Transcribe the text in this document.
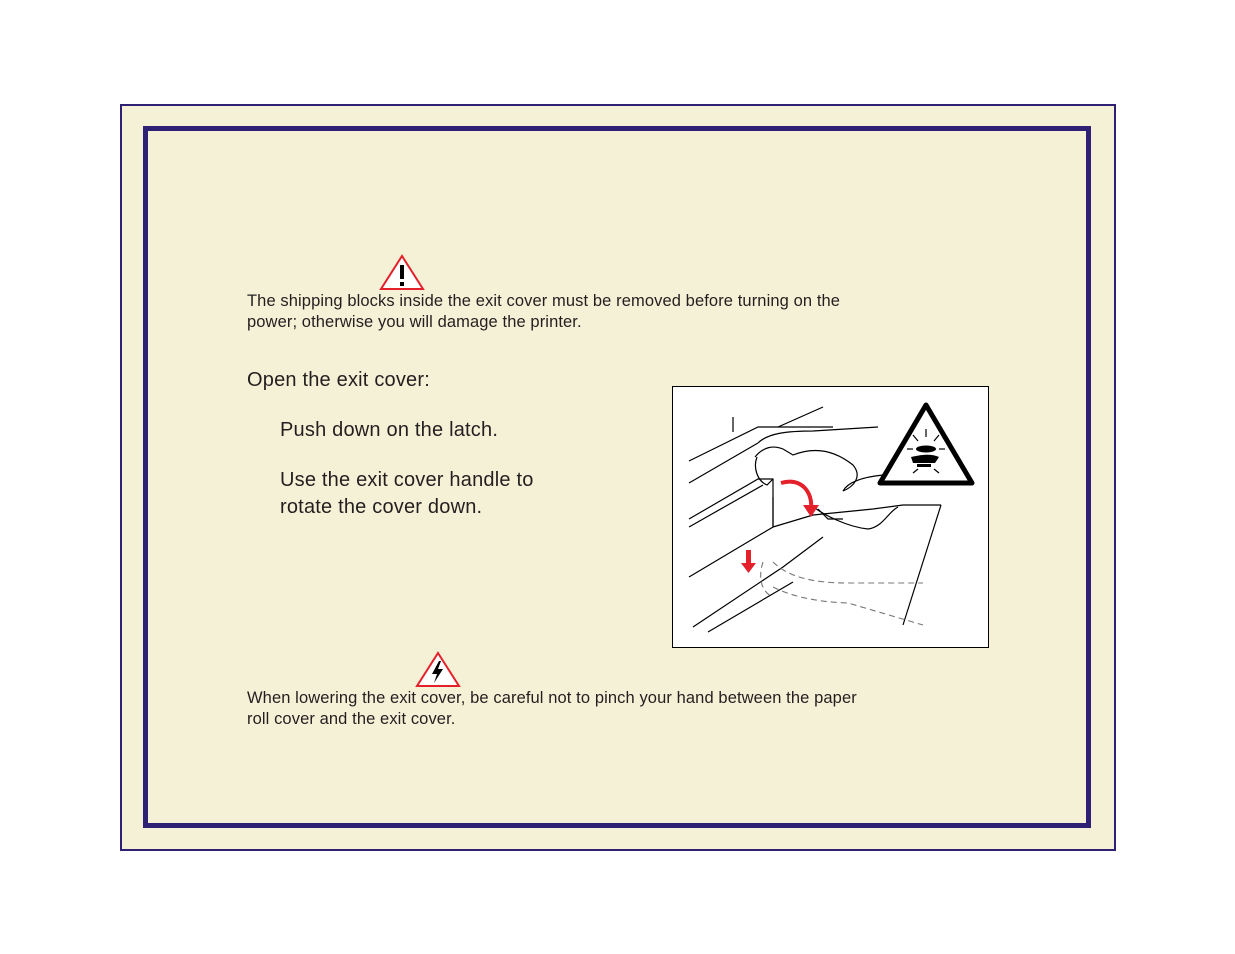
The shipping blocks inside the exit cover must be removed before turning on the
power; otherwise you will damage the printer.
Open the exit cover:
Push down on the latch.
Use the exit cover handle to
rotate the cover down.
When lowering the exit cover, be careful not to pinch your hand between the paper
roll cover and the exit cover.
